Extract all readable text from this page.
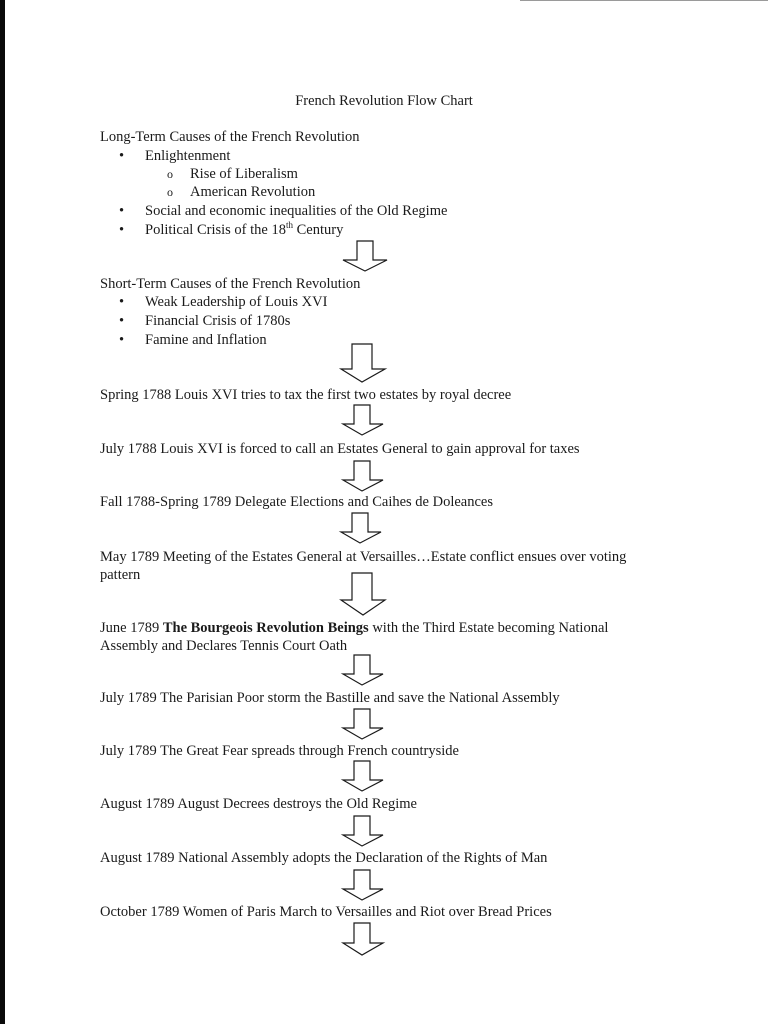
French Revolution Flow Chart
Long-Term Causes of the French Revolution
• Enlightenment
o Rise of Liberalism
o American Revolution
• Social and economic inequalities of the Old Regime
• Political Crisis of the 18th Century
Short-Term Causes of the French Revolution
• Weak Leadership of Louis XVI
• Financial Crisis of 1780s
• Famine and Inflation
Spring 1788 Louis XVI tries to tax the first two estates by royal decree
July 1788 Louis XVI is forced to call an Estates General to gain approval for taxes
Fall 1788-Spring 1789 Delegate Elections and Caihes de Doleances
May 1789 Meeting of the Estates General at Versailles…Estate conflict ensues over voting pattern
June 1789 The Bourgeois Revolution Beings with the Third Estate becoming National Assembly and Declares Tennis Court Oath
July 1789 The Parisian Poor storm the Bastille and save the National Assembly
July 1789 The Great Fear spreads through French countryside
August 1789 August Decrees destroys the Old Regime
August 1789 National Assembly adopts the Declaration of the Rights of Man
October 1789 Women of Paris March to Versailles and Riot over Bread Prices
